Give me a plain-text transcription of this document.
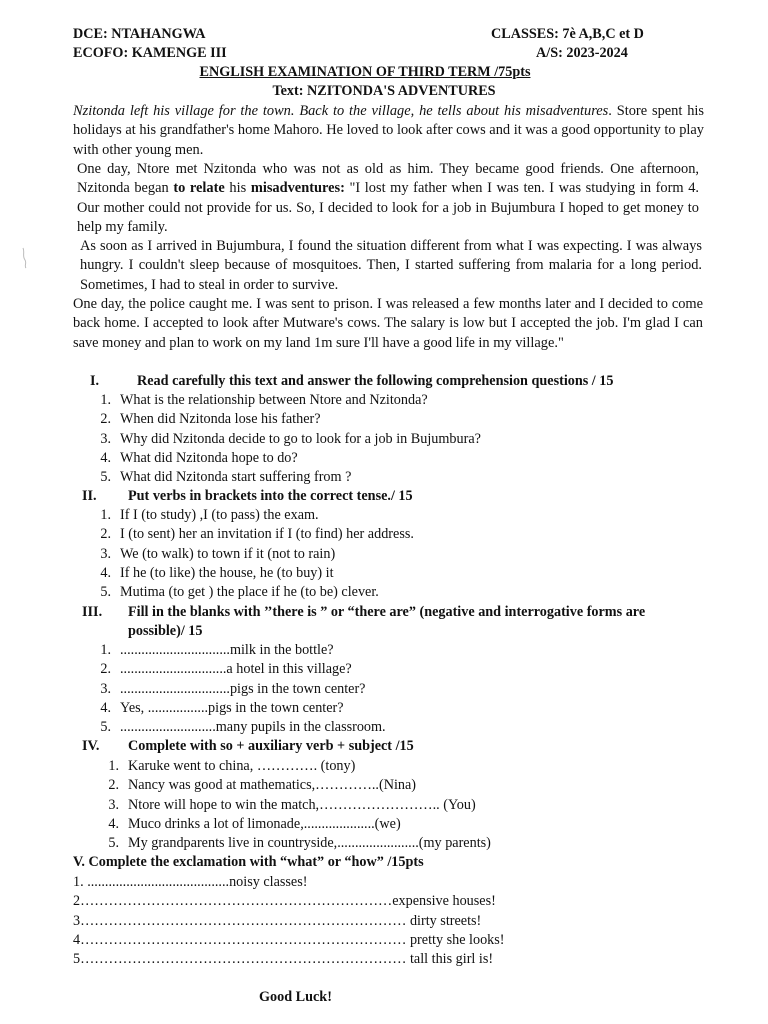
DCE: NTAHANGWA	CLASSES: 7è A,B,C et D
ECOFO: KAMENGE III	A/S: 2023-2024
ENGLISH EXAMINATION OF THIRD TERM /75pts
Text: NZITONDA'S ADVENTURES
Nzitonda left his village for the town. Back to the village, he tells about his misadventures. Store spent his holidays at his grandfather's home Mahoro. He loved to look after cows and it was a good opportunity to play with other young men.
One day, Ntore met Nzitonda who was not as old as him. They became good friends. One afternoon, Nzitonda began to relate his misadventures: "I lost my father when I was ten. I was studying in form 4. Our mother could not provide for us. So, I decided to look for a job in Bujumbura I hoped to get money to help my family.
As soon as I arrived in Bujumbura, I found the situation different from what I was expecting. I was always hungry. I couldn't sleep because of mosquitoes. Then, I started suffering from malaria for a long period. Sometimes, I had to steal in order to survive.
One day, the police caught me. I was sent to prison. I was released a few months later and I decided to come back home. I accepted to look after Mutware's cows. The salary is low but I accepted the job. I'm glad I can save money and plan to work on my land 1m sure I'll have a good life in my village."
I.	Read carefully this text and answer the following comprehension questions / 15
1. What is the relationship between Ntore and Nzitonda?
2. When did Nzitonda lose his father?
3. Why did Nzitonda decide to go to look for a job in Bujumbura?
4. What did Nzitonda hope to do?
5. What did Nzitonda start suffering from ?
II. Put verbs in brackets into the correct tense./ 15
1. If I (to study) ,I (to pass) the exam.
2. I (to sent) her an invitation if I (to find) her address.
3. We (to walk) to town if it (not to rain)
4. If he (to like) the house, he (to buy) it
5. Mutima (to get ) the place if he (to be) clever.
III. Fill in the blanks with ’’there is ” or “there are” (negative and interrogative forms are
possible)/ 15
1. ...............................milk in the bottle?
2. ..............................a hotel in this village?
3. ...............................pigs in the town center?
4. Yes, .................pigs in the town center?
5. ...........................many pupils in the classroom.
IV. Complete with so + auxiliary verb + subject /15
1. Karuke went to china, …………. (tony)
2. Nancy was good at mathematics,…………..(Nina)
3. Ntore will hope to win the match,…………………….. (You)
4. Muco drinks a lot of limonade,....................(we)
5. My grandparents live in countryside,.......................(my parents)
V. Complete the exclamation with “what” or “how” /15pts
1. ........................................noisy classes!
2…………………………………………………………expensive houses!
3…………………………………………………………… dirty streets!
4…………………………………………………………… pretty she looks!
5…………………………………………………………… tall this girl is!
Good Luck!
